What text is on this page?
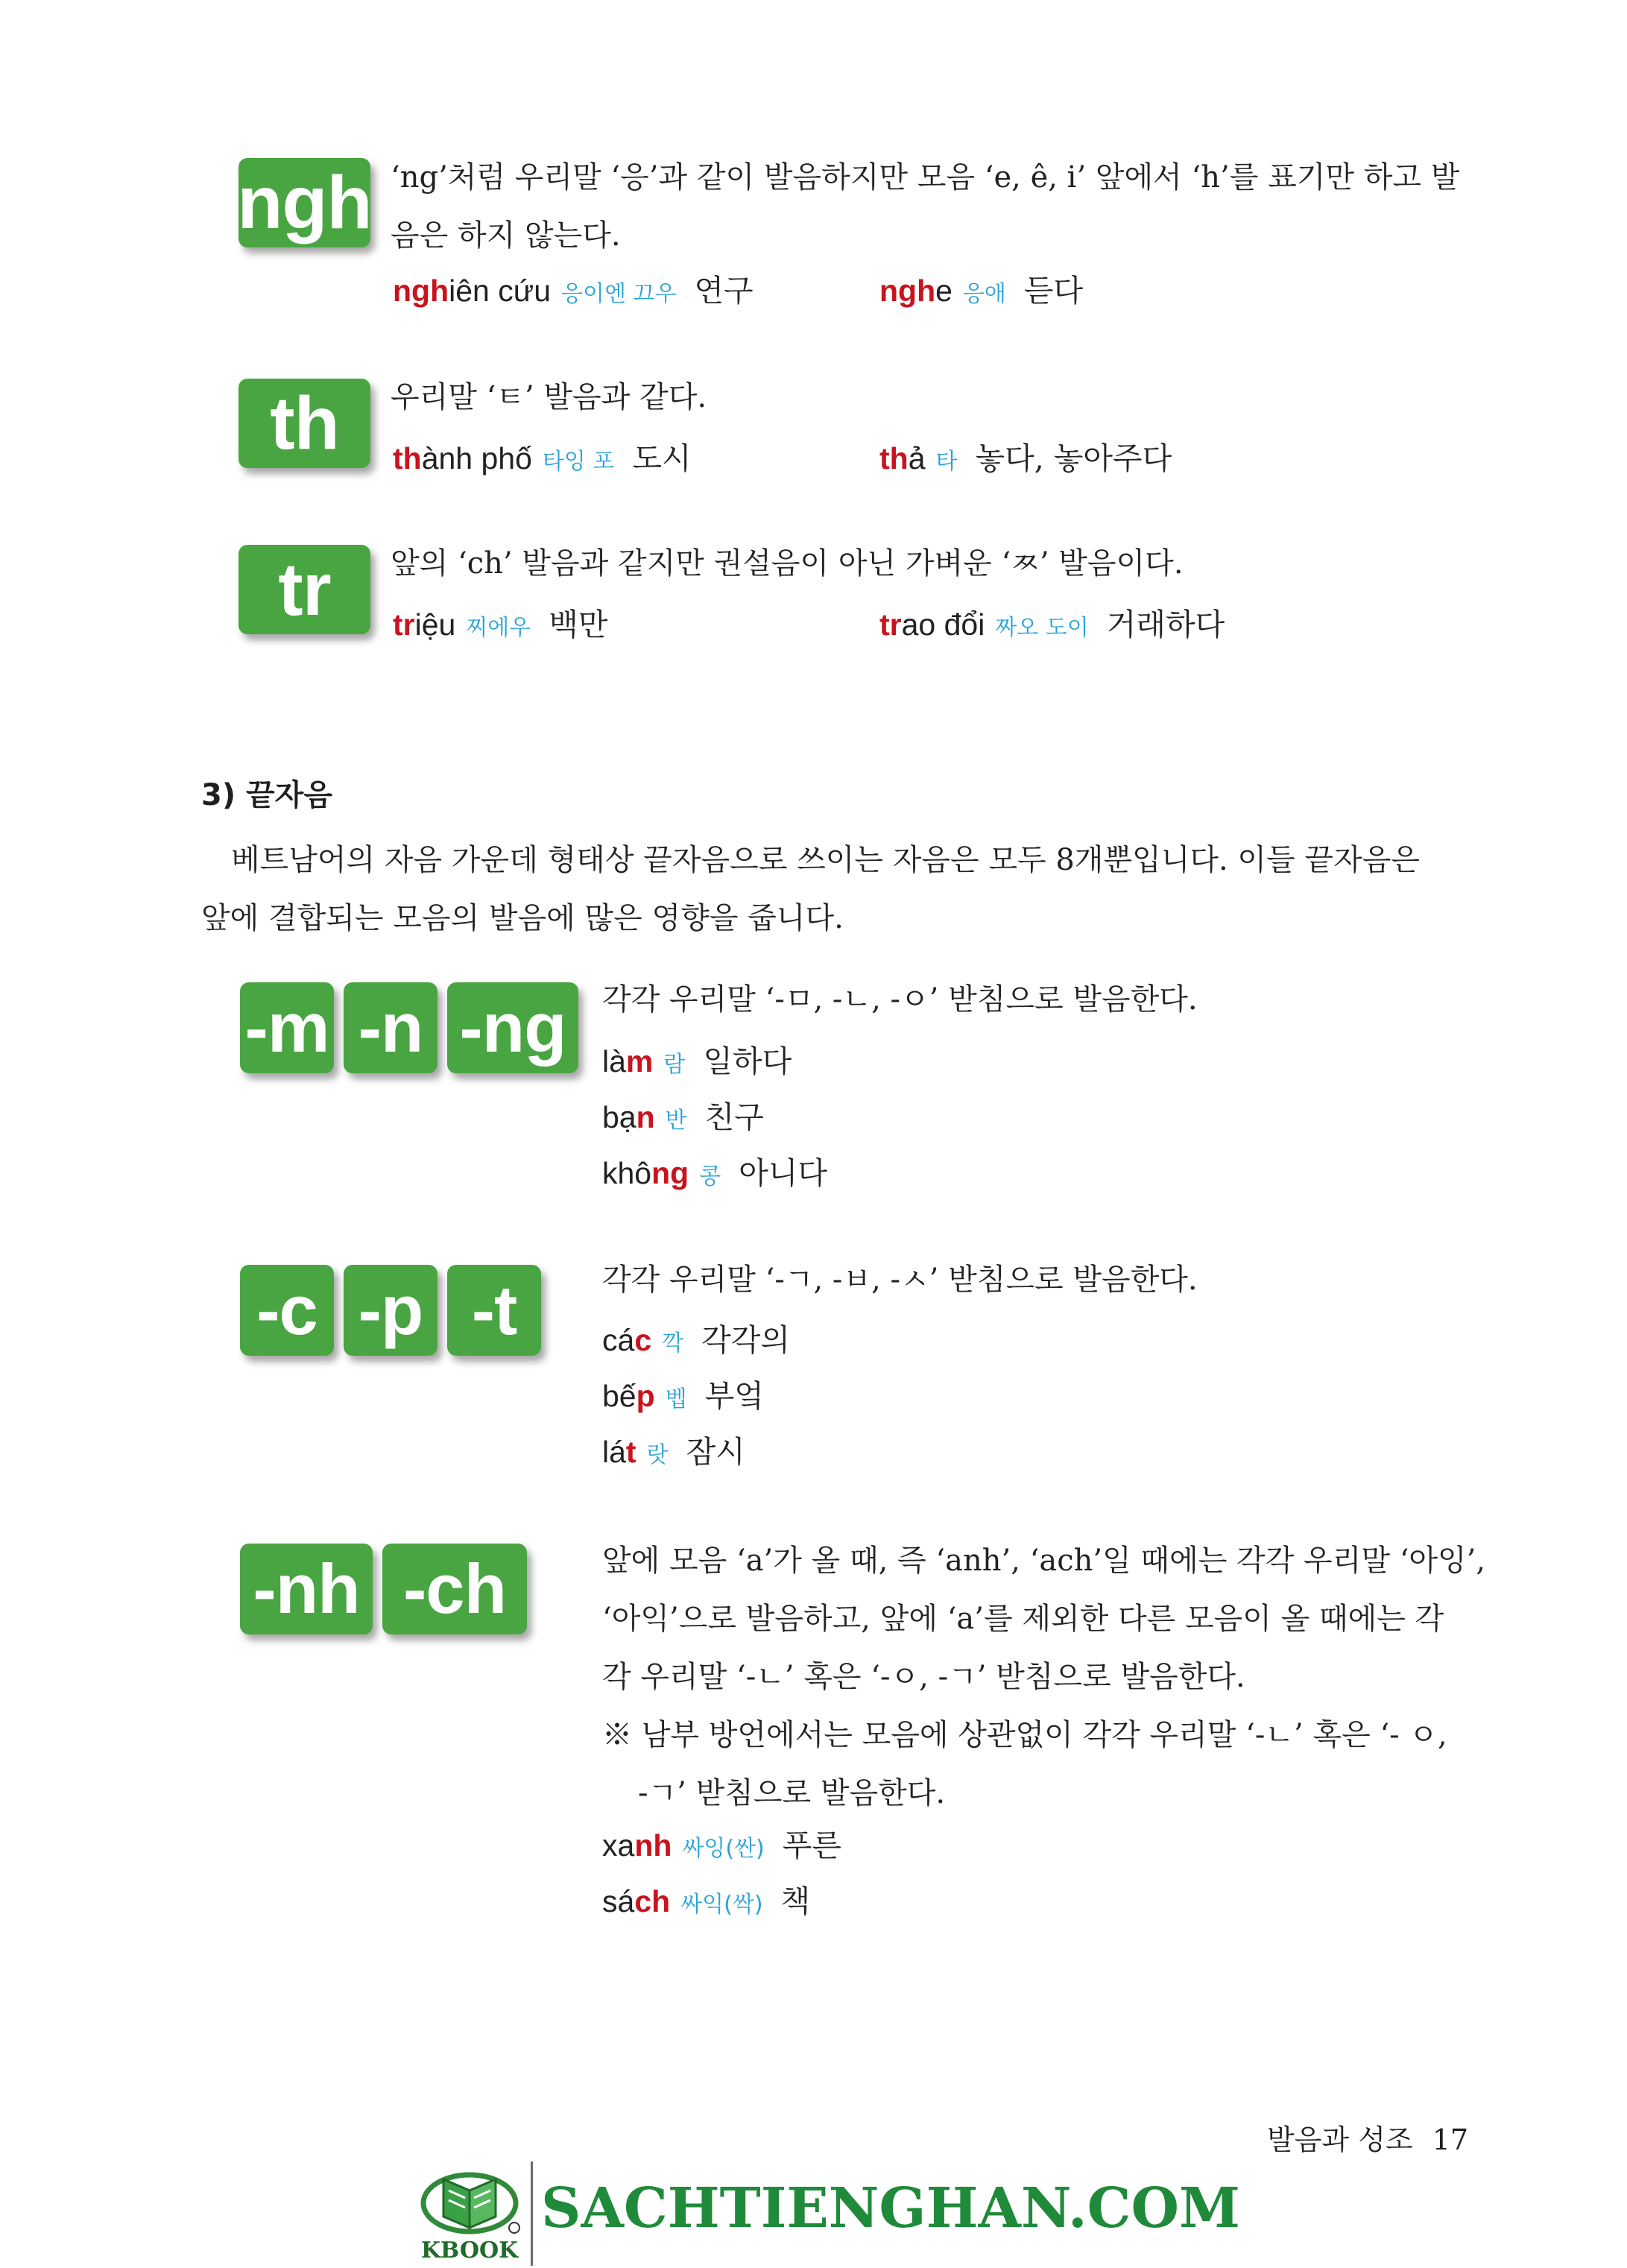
ngh ‘ng’처럼 우리말 ‘응’과 같이 발음하지만 모음 ‘e, ê, i’ 앞에서 ‘h’를 표기만 하고 발
음은 하지 않는다.
nghiên cứu 응이엔 끄우 연구	nghe 응애 듣다
th 우리말 ‘ㅌ’ 발음과 같다.
thành phố 타잉 포 도시	thả 타 놓다, 놓아주다
tr 앞의 ‘ch’ 발음과 같지만 권설음이 아닌 가벼운 ‘ㅉ’ 발음이다.
triệu 찌에우 백만	trao đổi 짜오 도이 거래하다
3) 끝자음
베트남어의 자음 가운데 형태상 끝자음으로 쓰이는 자음은 모두 8개뿐입니다. 이들 끝자음은
앞에 결합되는 모음의 발음에 많은 영향을 줍니다.
-m -n -ng 각각 우리말 ‘-ㅁ, -ㄴ, -ㅇ’ 받침으로 발음한다.
làm 람 일하다
bạn 반 친구
không 콩 아니다
-c -p -t	각각 우리말 ‘-ㄱ, -ㅂ, -ㅅ’ 받침으로 발음한다.
các 깍 각각의
bếp 벱 부엌
lát 랏 잠시
-nh -ch	앞에 모음 ‘a’가 올 때, 즉 ‘anh’, ‘ach’일 때에는 각각 우리말 ‘아잉’,
‘아익’으로 발음하고, 앞에 ‘a’를 제외한 다른 모음이 올 때에는 각
각 우리말 ‘-ㄴ’ 혹은 ‘-ㅇ, -ㄱ’ 받침으로 발음한다.
※ 남부 방언에서는 모음에 상관없이 각각 우리말 ‘-ㄴ’ 혹은 ‘- ㅇ,
-ㄱ’ 받침으로 발음한다.
xanh 싸잉(싼) 푸른
sách 싸익(싹) 책
발음과 성조 17
KBOOK
SACHTIENGHAN.COM
